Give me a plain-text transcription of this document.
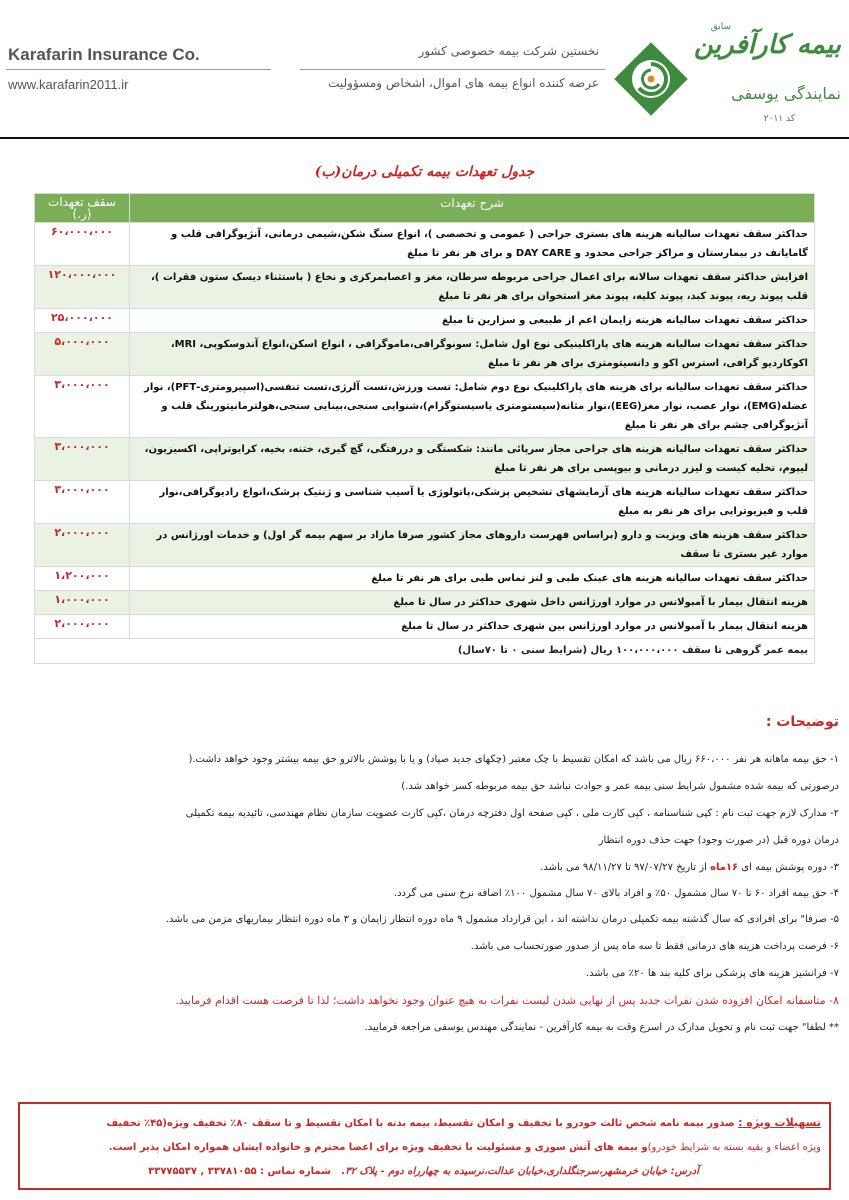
Karafarin Insurance Co.
www.karafarin2011.ir
نخستین شرکت بیمه خصوصی کشور
عرضه کننده انواع بیمه های اموال، اشخاص ومسؤولیت
سابق
بیمه کارآفرین
نمایندگی یوسفی
کد ۲۰۱۱
جدول تعهدات بیمه تکمیلی درمان(ب)
شرح تعهدات	سقف تعهدات (ر.)
حداکثر سقف تعهدات سالیانه هزینه های بستری جراحی ( عمومی و تخصصی )، انواع سنگ شکن،شیمی درمانی، آنژیوگرافی قلب و گامایانف در بیمارستان و مراکز جراحی محدود و DAY CARE و برای هر نفر تا مبلغ	۶۰،۰۰۰،۰۰۰
افزایش حداکثر سقف تعهدات سالانه برای اعمال جراحی مربوطه سرطان، مغز و اعصابمرکزی و نخاع ( باستثناء دیسک ستون فقرات )، قلب پیوند ریه، پیوند کبد، پیوند کلیه، پیوند مغز استخوان برای هر نفر تا مبلغ	۱۲۰،۰۰۰،۰۰۰
حداکثر سقف تعهدات سالیانه هزینه زایمان اعم از طبیعی و سزارین تا مبلغ	۲۵،۰۰۰،۰۰۰
حداکثر سقف تعهدات سالیانه هزینه های پاراکلینیکی نوع اول شامل: سونوگرافی،ماموگرافی ، انواع اسکن،انواع آندوسکوپی، MRI، اکوکاردیو گرافی، استرس اکو و دانسیتومتری برای هر نفر تا مبلغ	۵،۰۰۰،۰۰۰
حداکثر سقف تعهدات سالیانه برای هزینه های پاراکلینیک نوع دوم شامل: تست ورزش،تست آلرژی،تست تنفسی(اسپیرومتری-PFT)، نوار عضله(EMG)، نوار عصب، نوار مغز(EEG)،نوار مثانه(سیستومتری یاسیستوگرام)،شنوایی سنجی،بینایی سنجی،هولترمانیتورینگ قلب و آنژیوگرافی چشم برای هر نفر تا مبلغ	۳،۰۰۰،۰۰۰
حداکثر سقف تعهدات سالیانه هزینه های جراحی مجاز سرپائی مانند: شکستگی و دررفتگی، گچ گیری، ختنه، بخیه، کرایوتراپی، اکسیزیون، لیپوم، تخلیه کیست و لیزر درمانی و بیوپسی برای هر نفر تا مبلغ	۳،۰۰۰،۰۰۰
حداکثر سقف تعهدات سالیانه هزینه های آزمایشهای تشخیص پزشکی،پاتولوژی یا آسیب شناسی و ژنتیک پزشک،انواع رادیوگرافی،نوار قلب و فیزیوتراپی برای هر نفر به مبلغ	۳،۰۰۰،۰۰۰
حداکثر سقف هزینه های ویزیت و دارو (براساس فهرست داروهای مجاز کشور صرفا مازاد بر سهم بیمه گر اول) و خدمات اورژانس در موارد غیر بستری تا سقف	۲،۰۰۰،۰۰۰
حداکثر سقف تعهدات سالیانه هزینه های عینک طبی و لنز تماس طبی برای هر نفر تا مبلغ	۱،۲۰۰،۰۰۰
هزینه انتقال بیمار با آمبولانس در موارد اورژانس داخل شهری حداکثر در سال تا مبلغ	۱،۰۰۰،۰۰۰
هزینه انتقال بیمار با آمبولانس در موارد اورژانس بین شهری حداکثر در سال تا مبلغ	۲،۰۰۰،۰۰۰
بیمه عمر گروهی تا سقف ۱۰۰،۰۰۰،۰۰۰ ریال (شرایط سنی ۰ تا ۷۰سال)	
توضیحات :
۱- حق بیمه ماهانه هر نفر ۶۶۰،۰۰۰ ریال می باشد که امکان تقسیط با چک معتبر (چکهای جدید صیاد) و یا با پوشش بالاترو حق بیمه بیشتر وجود خواهد داشت.(
درصورتی که بیمه شده مشمول شرایط سنی بیمه عمر و حوادث نباشد حق بیمه مربوطه کسر خواهد شد.)
۲- مدارک لازم جهت ثبت نام : کپی شناسنامه ، کپی کارت ملی ، کپی صفحه اول دفترچه درمان ،کپی کارت عضویت سازمان نظام مهندسی، تائیدیه بیمه تکمیلی
درمان دوره قبل (در صورت وجود) جهت حذف دوره انتظار
۳- دوره پوشش بیمه ای ۱۶ماه از تاریخ ۹۷/۰۷/۲۷ تا ۹۸/۱۱/۲۷ می باشد.
۴- حق بیمه افراد ۶۰ تا ۷۰ سال مشمول ۵۰٪ و افراد بالای ۷۰ سال مشمول ۱۰۰٪ اضافه نرخ سنی می گردد.
۵- صرفا" برای افرادی که سال گذشته بیمه تکمیلی درمان نداشته اند ، این قرارداد مشمول ۹ ماه دوره انتظار زایمان و ۳ ماه دوره انتظار بیماریهای مزمن می باشد.
۶- فرصت پرداخت هزینه های درمانی فقط تا سه ماه پس از صدور صورتحساب می باشد.
۷- فرانشیز هزینه های پزشکی برای کلیه بند ها ۲۰٪ می باشد.
۸- متاسفانه امکان افزوده شدن نفرات جدید پس از نهایی شدن لیست نفرات به هیچ عنوان وجود نخواهد داشت؛ لذا تا فرصت هست اقدام فرمایید.
** لطفا" جهت ثبت نام و تحویل مدارک در اسرع وقت به بیمه کارآفرین - نمایندگی مهندس یوسفی مراجعه فرمایید.
تسهیلات ویژه : صدور بیمه نامه شخص ثالث خودرو با تخفیف و امکان تقسیط، بیمه بدنه با امکان تقسیط و تا سقف ۸۰٪ تخفیف ویژه(۴۵٪ تخفیف
ویژه اعضاء و بقیه بسته به شرایط خودرو)و بیمه های آتش سوزی و مسئولیت با تخفیف ویژه برای اعضا محترم و خانواده ایشان همواره امکان پذیر است.
آدرس: خیابان خرمشهر،سرجنگلداری،خیابان عدالت،نرسیده به چهارراه دوم - پلاک ۳۲.   شماره تماس : ۳۳۷۸۱۰۵۵ , ۳۳۷۷۵۵۳۷
